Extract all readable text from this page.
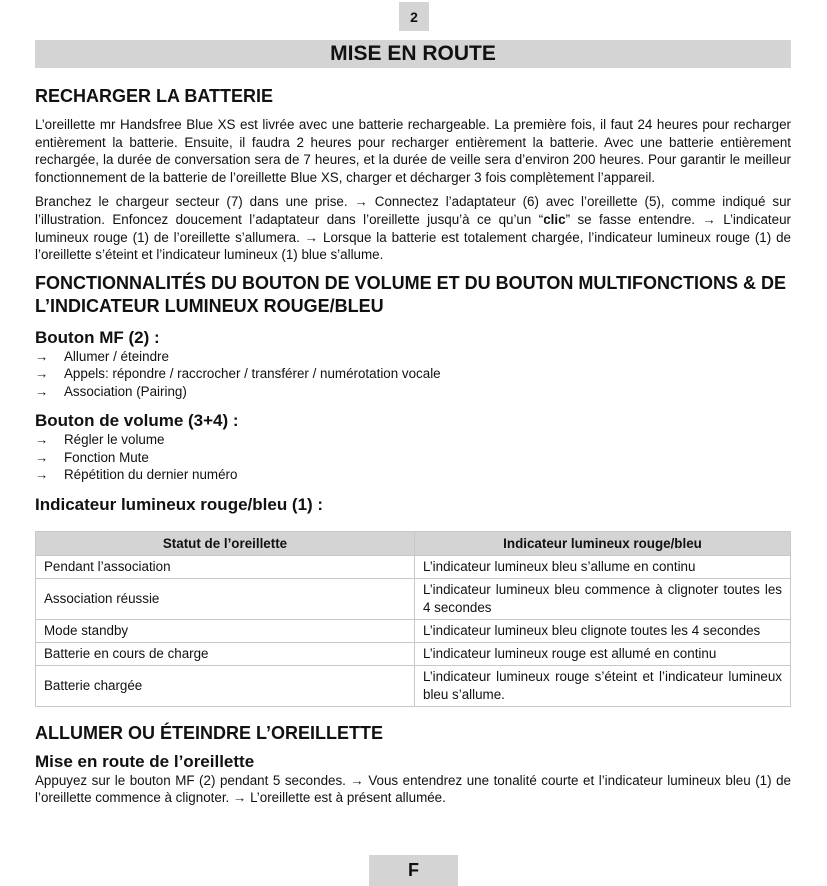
2
MISE EN ROUTE
RECHARGER LA BATTERIE

L’oreillette mr Handsfree Blue XS est livrée avec une batterie rechargeable. La première fois, il faut 24 heures pour recharger entièrement la batterie. Ensuite, il faudra 2 heures pour recharger entièrement la batterie. Avec une batterie entièrement rechargée, la durée de conversation sera de 7 heures, et la durée de veille sera d’environ 200 heures. Pour garantir le meilleur fonctionnement de la batterie de l’oreillette Blue XS, charger et décharger 3 fois complètement l’appareil.

Branchez le chargeur secteur (7) dans une prise. → Connectez l’adaptateur (6) avec l’oreillette (5), comme indiqué sur l’illustration. Enfoncez doucement l’adaptateur dans l’oreillette jusqu’à ce qu’un “clic” se fasse entendre. → L’indicateur lumineux rouge (1) de l’oreillette s’allumera. → Lorsque la batterie est totalement chargée, l’indicateur lumineux rouge (1) de l’oreillette s’éteint et l’indicateur lumineux (1) blue s’allume.

FONCTIONNALITÉS DU BOUTON DE VOLUME ET DU BOUTON MULTIFONCTIONS & DE L’INDICATEUR LUMINEUX ROUGE/BLEU
Bouton MF (2) :
→	Allumer / éteindre
→	Appels: répondre / raccrocher / transférer / numérotation vocale
→	Association (Pairing)
Bouton de volume (3+4) :
→	Régler le volume
→	Fonction Mute
→	Répétition du dernier numéro
Indicateur lumineux rouge/bleu (1) :
Statut de l’oreillette	Indicateur lumineux rouge/bleu
Pendant l’association	L’indicateur lumineux bleu s’allume en continu
Association réussie	L’indicateur lumineux bleu commence à clignoter toutes les 4 secondes
Mode standby	L’indicateur lumineux bleu clignote toutes les 4 secondes
Batterie en cours de charge	L’indicateur lumineux rouge est allumé en continu
Batterie chargée	L’indicateur lumineux rouge s’éteint et l’indicateur lumineux bleu s’allume.
ALLUMER OU ÉTEINDRE L’OREILLETTE
Mise en route de l’oreillette

Appuyez sur le bouton MF (2) pendant 5 secondes. → Vous entendrez une tonalité courte et l’indicateur lumineux bleu (1) de l’oreillette commence à clignoter. → L’oreillette est à présent allumée.

F
